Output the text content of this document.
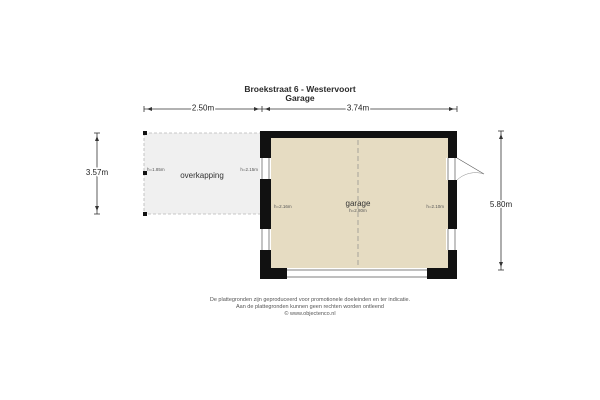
Broekstraat 6 - Westervoort
Garage
2.50m	3.74m
3.57m
5.80m
overkapping
h=1.85m	h=2.15m
garage
h=2.80m
h=2.16m	h=2.10m
De plattegronden zijn geproduceerd voor promotionele doeleinden en ter indicatie.
Aan de plattegronden kunnen geen rechten worden ontleend
© www.objectenco.nl
